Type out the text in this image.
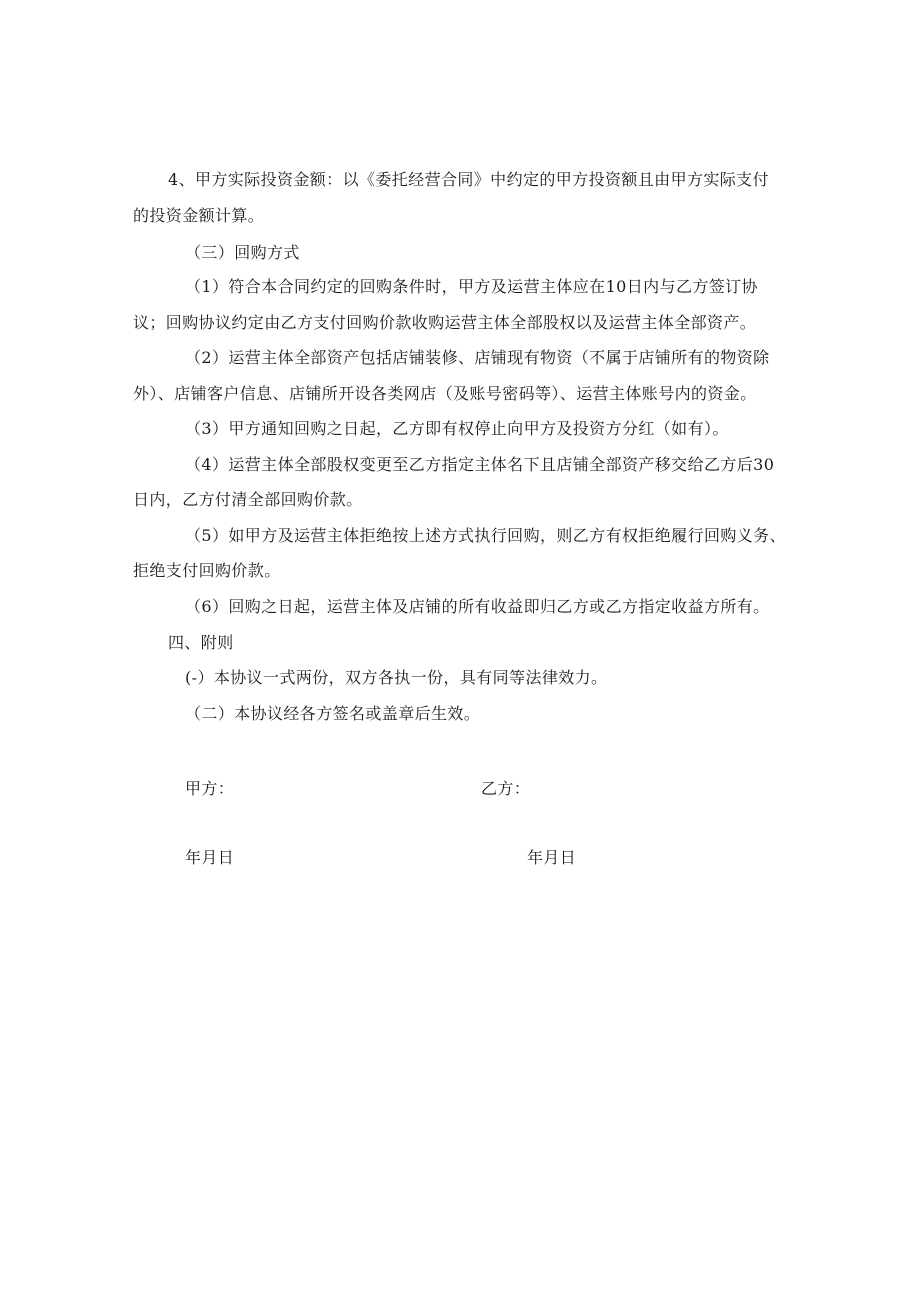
4、甲方实际投资金额：以《委托经营合同》中约定的甲方投资额且由甲方实际支付
的投资金额计算。
（三）回购方式
（1）符合本合同约定的回购条件时，甲方及运营主体应在10日内与乙方签订协
议；回购协议约定由乙方支付回购价款收购运营主体全部股权以及运营主体全部资产。
（2）运营主体全部资产包括店铺装修、店铺现有物资（不属于店铺所有的物资除
外）、店铺客户信息、店铺所开设各类网店（及账号密码等）、运营主体账号内的资金。
（3）甲方通知回购之日起，乙方即有权停止向甲方及投资方分红（如有）。
（4）运营主体全部股权变更至乙方指定主体名下且店铺全部资产移交给乙方后30
日内，乙方付清全部回购价款。
（5）如甲方及运营主体拒绝按上述方式执行回购，则乙方有权拒绝履行回购义务、
拒绝支付回购价款。
（6）回购之日起，运营主体及店铺的所有收益即归乙方或乙方指定收益方所有。
四、附则
(-）本协议一式两份，双方各执一份，具有同等法律效力。
（二）本协议经各方签名或盖章后生效。
甲方：	乙方：
年月日	年月日
